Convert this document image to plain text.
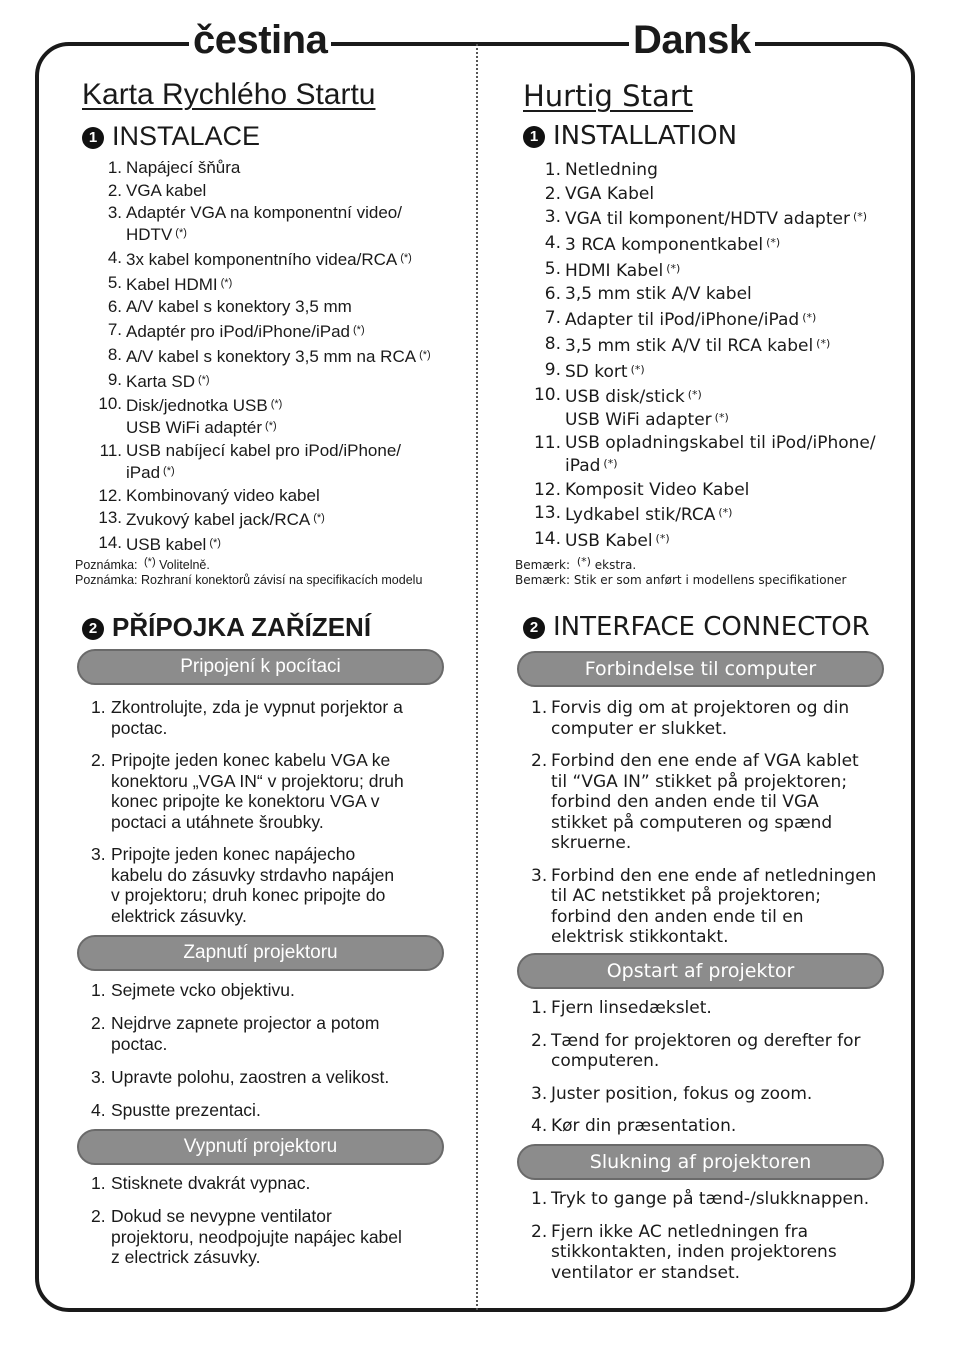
čestina	Dansk
Karta Rychlého Startu
1 INSTALACE
1. Napájecí šňůra
2. VGA kabel
3. Adaptér VGA na komponentní video/
HDTV (*)
4. 3x kabel komponentního videa/RCA (*)
5. Kabel HDMI (*)
6. A/V kabel s konektory 3,5 mm
7. Adaptér pro iPod/iPhone/iPad (*)
8. A/V kabel s konektory 3,5 mm na RCA (*)
9. Karta SD (*)
10. Disk/jednotka USB (*)
USB WiFi adaptér (*)
11. USB nabíjecí kabel pro iPod/iPhone/
iPad (*)
12. Kombinovaný video kabel
13. Zvukový kabel jack/RCA (*)
14. USB kabel (*)

Poznámka: (*) Volitelně.

Poznámka: Rozhraní konektorů závisí na specifikacích modelu

2 PŘÍPOJKA ZAŘÍZENÍ
Pripojení k pocítaci
1. Zkontrolujte, zda je vypnut porjektor a
poctac.
2. Pripojte jeden konec kabelu VGA ke
konektoru „VGA IN“ v projektoru; druh
konec pripojte ke konektoru VGA v
poctaci a utáhnete šroubky.
3. Pripojte jeden konec napájecho
kabelu do zásuvky strdavho napájen
v projektoru; druh konec pripojte do
elektrick zásuvky.
Zapnutí projektoru
1. Sejmete vcko objektivu.
2. Nejdrve zapnete projector a potom
poctac.
3. Upravte polohu, zaostren a velikost.
4. Spustte prezentaci.
Vypnutí projektoru
1. Stisknete dvakrát vypnac.
2. Dokud se nevypne ventilator
projektoru, neodpojujte napájec kabel
z electrick zásuvky.
Hurtig Start
1 INSTALLATION
1. Netledning
2. VGA Kabel
3. VGA til komponent/HDTV adapter (*)
4. 3 RCA komponentkabel (*)
5. HDMI Kabel (*)
6. 3,5 mm stik A/V kabel
7. Adapter til iPod/iPhone/iPad (*)
8. 3,5 mm stik A/V til RCA kabel (*)
9. SD kort (*)
10. USB disk/stick (*)
USB WiFi adapter (*)
11. USB opladningskabel til iPod/iPhone/
iPad (*)
12. Komposit Video Kabel
13. Lydkabel stik/RCA (*)
14. USB Kabel (*)

Bemærk: (*) ekstra.

Bemærk: Stik er som anført i modellens specifikationer

2 INTERFACE CONNECTOR
Forbindelse til computer
1. Forvis dig om at projektoren og din
computer er slukket.
2. Forbind den ene ende af VGA kablet
til “VGA IN” stikket på projektoren;
forbind den anden ende til VGA
stikket på computeren og spænd
skruerne.
3. Forbind den ene ende af netledningen
til AC netstikket på projektoren;
forbind den anden ende til en
elektrisk stikkontakt.
Opstart af projektor
1. Fjern linsedækslet.
2. Tænd for projektoren og derefter for
computeren.
3. Juster position, fokus og zoom.
4. Kør din præsentation.
Slukning af projektoren
1. Tryk to gange på tænd-/slukknappen.
2. Fjern ikke AC netledningen fra
stikkontakten, inden projektorens
ventilator er standset.
